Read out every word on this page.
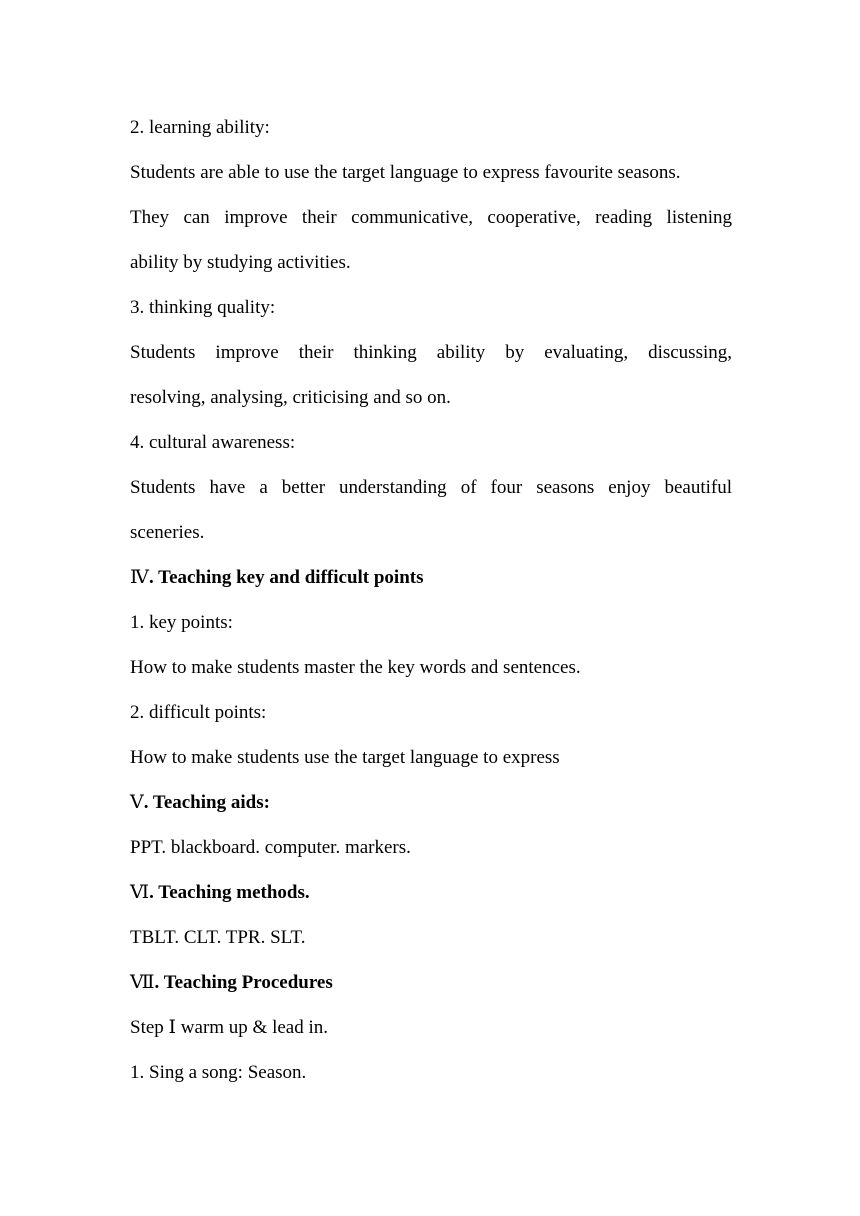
2. learning ability:
Students are able to use the target language to express favourite seasons.
They can improve their communicative, cooperative, reading listening
ability by studying activities.
3. thinking quality:
Students improve their thinking ability by evaluating, discussing,
resolving, analysing, criticising and so on.
4. cultural awareness:
Students have a better understanding of four seasons enjoy beautiful
sceneries.
Ⅳ. Teaching key and difficult points
1. key points:
How to make students master the key words and sentences.
2. difficult points:
How to make students use the target language to express
Ⅴ. Teaching aids:
PPT. blackboard. computer. markers.
Ⅵ. Teaching methods.
TBLT. CLT. TPR. SLT.
Ⅶ. Teaching Procedures
Step Ⅰ warm up & lead in.
1. Sing a song: Season.
